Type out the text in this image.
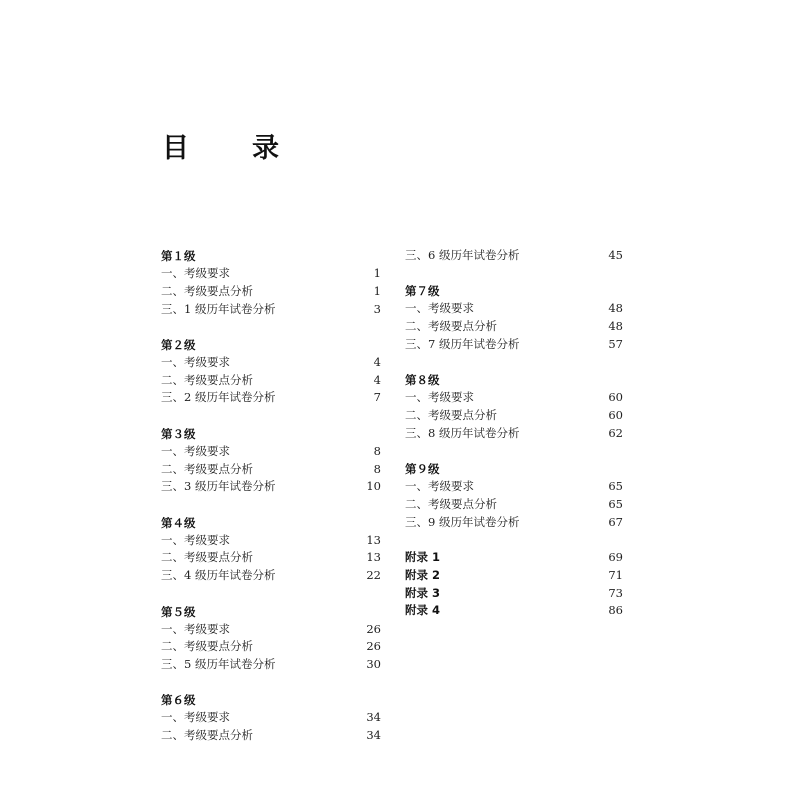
目　录
第１级
一、考级要求	1
二、考级要点分析	1
三、1 级历年试卷分析	3
第２级
一、考级要求	4
二、考级要点分析	4
三、2 级历年试卷分析	7
第３级
一、考级要求	8
二、考级要点分析	8
三、3 级历年试卷分析	10
第４级
一、考级要求	13
二、考级要点分析	13
三、4 级历年试卷分析	22
第５级
一、考级要求	26
二、考级要点分析	26
三、5 级历年试卷分析	30
第６级
一、考级要求	34
二、考级要点分析	34
三、6 级历年试卷分析	45
第７级
一、考级要求	48
二、考级要点分析	48
三、7 级历年试卷分析	57
第８级
一、考级要求	60
二、考级要点分析	60
三、8 级历年试卷分析	62
第９级
一、考级要求	65
二、考级要点分析	65
三、9 级历年试卷分析	67
附录 1	69
附录 2	71
附录 3	73
附录 4	86
